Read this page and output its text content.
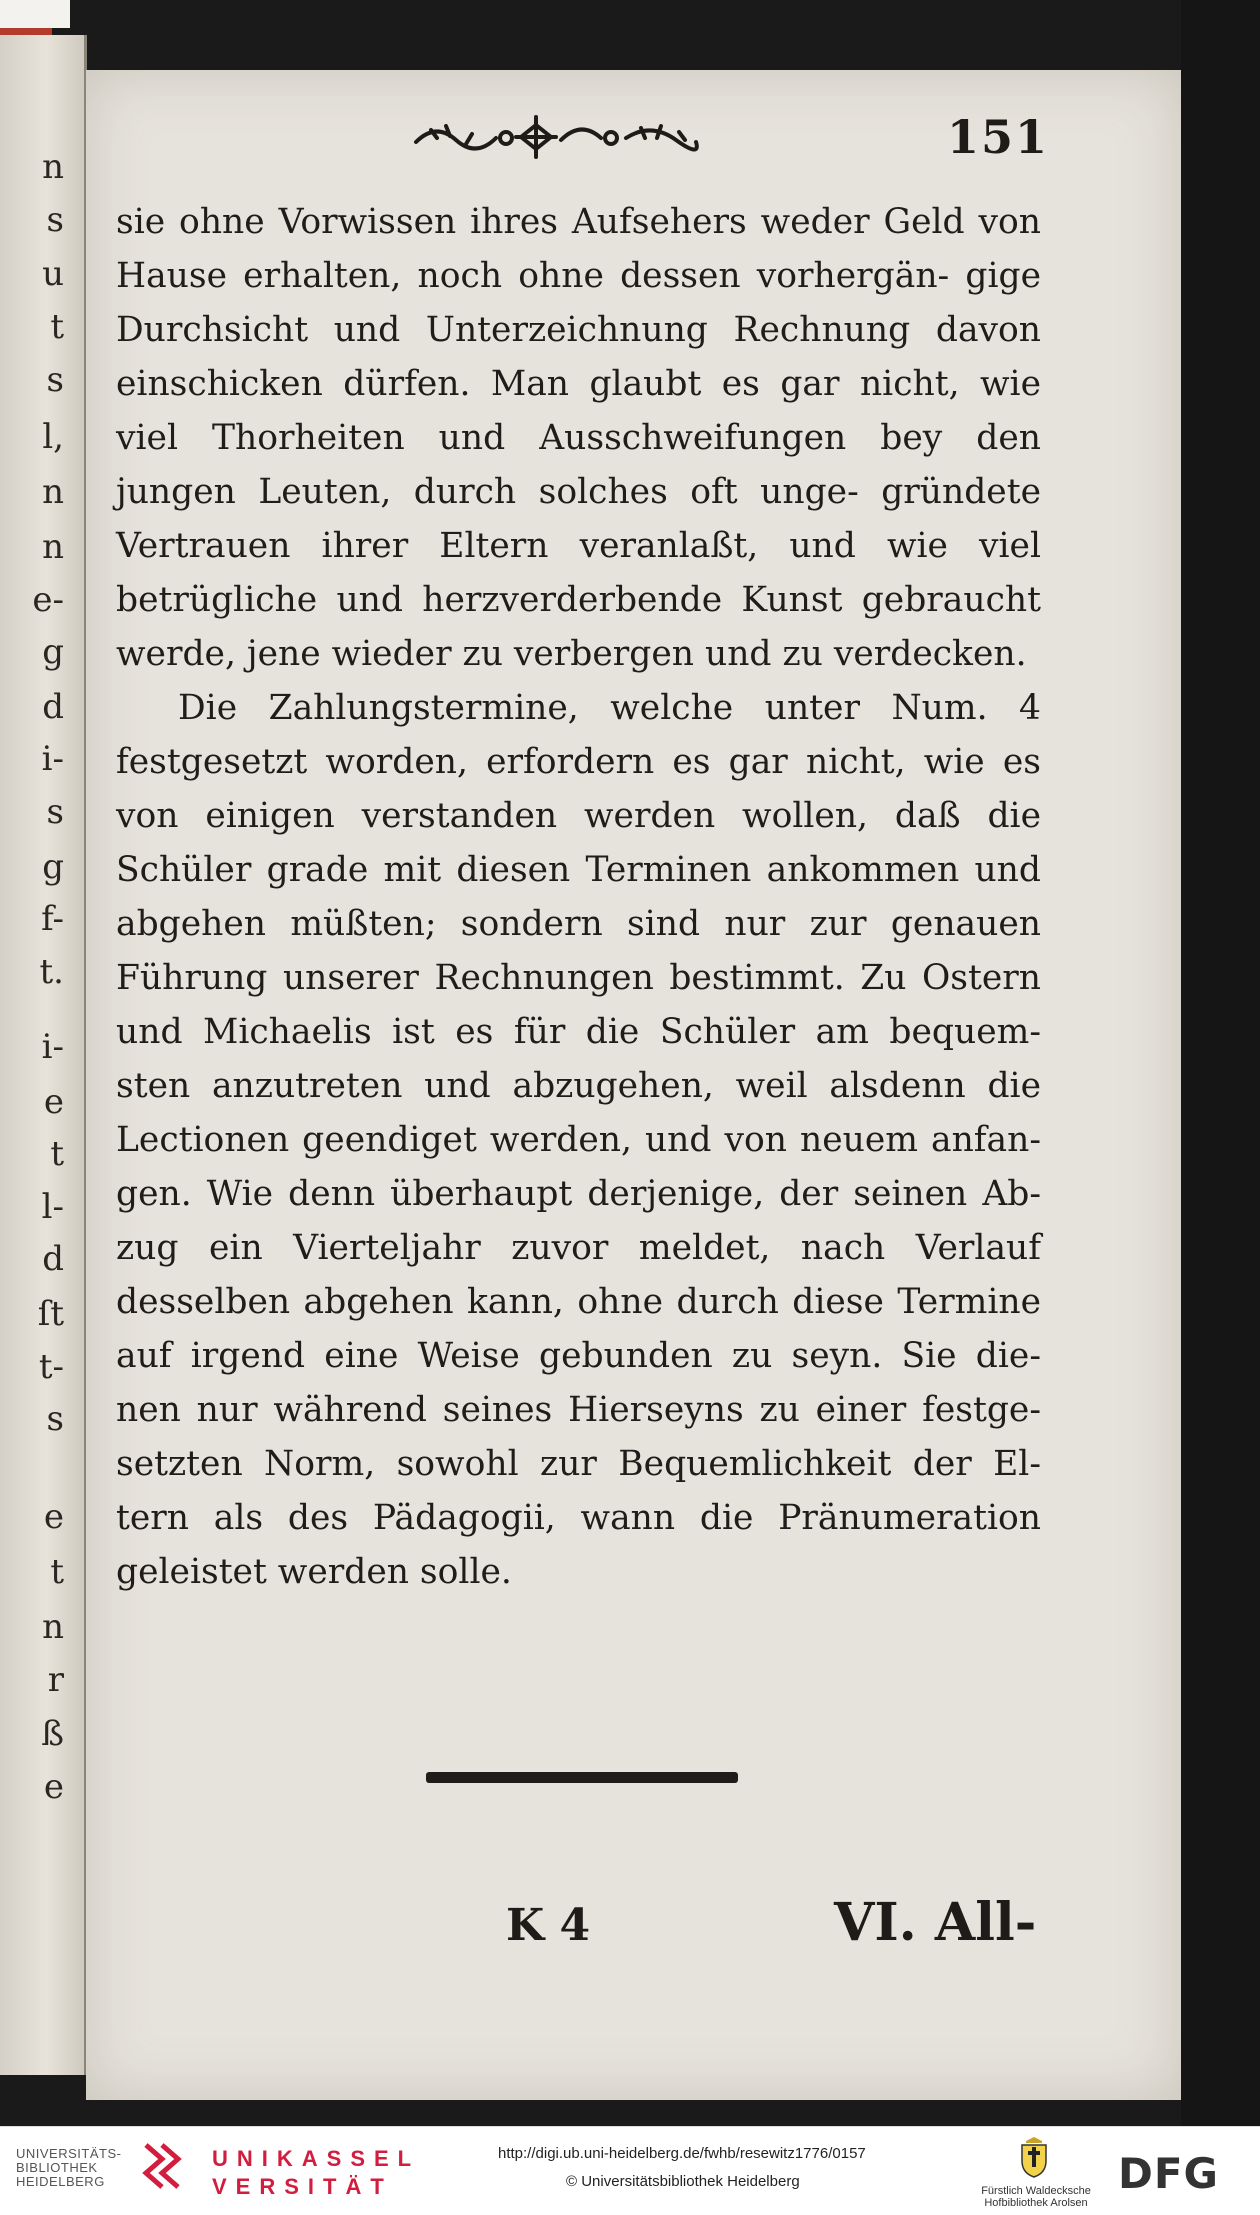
n
s
u
t
s
l,
n
n
e-
g
d
i-
s
g
f-
t.
i-
e
t
l-
d
ſt
t-
s
e
t
n
r
ß
e
151

sie ohne Vorwissen ihres Aufsehers weder Geld von Hause erhalten, noch ohne dessen vorhergän- gige Durchsicht und Unterzeichnung Rechnung davon einschicken dürfen. Man glaubt es gar nicht, wie viel Thorheiten und Ausschweifungen bey den jungen Leuten, durch solches oft unge- gründete Vertrauen ihrer Eltern veranlaßt, und wie viel betrügliche und herzverderbende Kunst gebraucht werde, jene wieder zu verbergen und zu verdecken.

Die Zahlungstermine, welche unter Num. 4 festgesetzt worden, erfordern es gar nicht, wie es von einigen verstanden werden wollen, daß die Schüler grade mit diesen Terminen ankommen und abgehen müßten; sondern sind nur zur genauen Führung unserer Rechnungen bestimmt. Zu Ostern und Michaelis ist es für die Schüler am bequem- sten anzutreten und abzugehen, weil alsdenn die Lectionen geendiget werden, und von neuem anfan- gen. Wie denn überhaupt derjenige, der seinen Ab- zug ein Vierteljahr zuvor meldet, nach Verlauf desselben abgehen kann, ohne durch diese Termine auf irgend eine Weise gebunden zu seyn. Sie die- nen nur während seines Hierseyns zu einer festge- setzten Norm, sowohl zur Bequemlichkeit der El- tern als des Pädagogii, wann die Pränumeration geleistet werden solle.

K 4	VI. All-
UNIVERSITÄTS-
BIBLIOTHEK
HEIDELBERG
UNIKASSEL
VERSITÄT
http://digi.ub.uni-heidelberg.de/fwhb/resewitz1776/0157
© Universitätsbibliothek Heidelberg
Fürstlich Waldecksche
Hofbibliothek Arolsen
DFG
